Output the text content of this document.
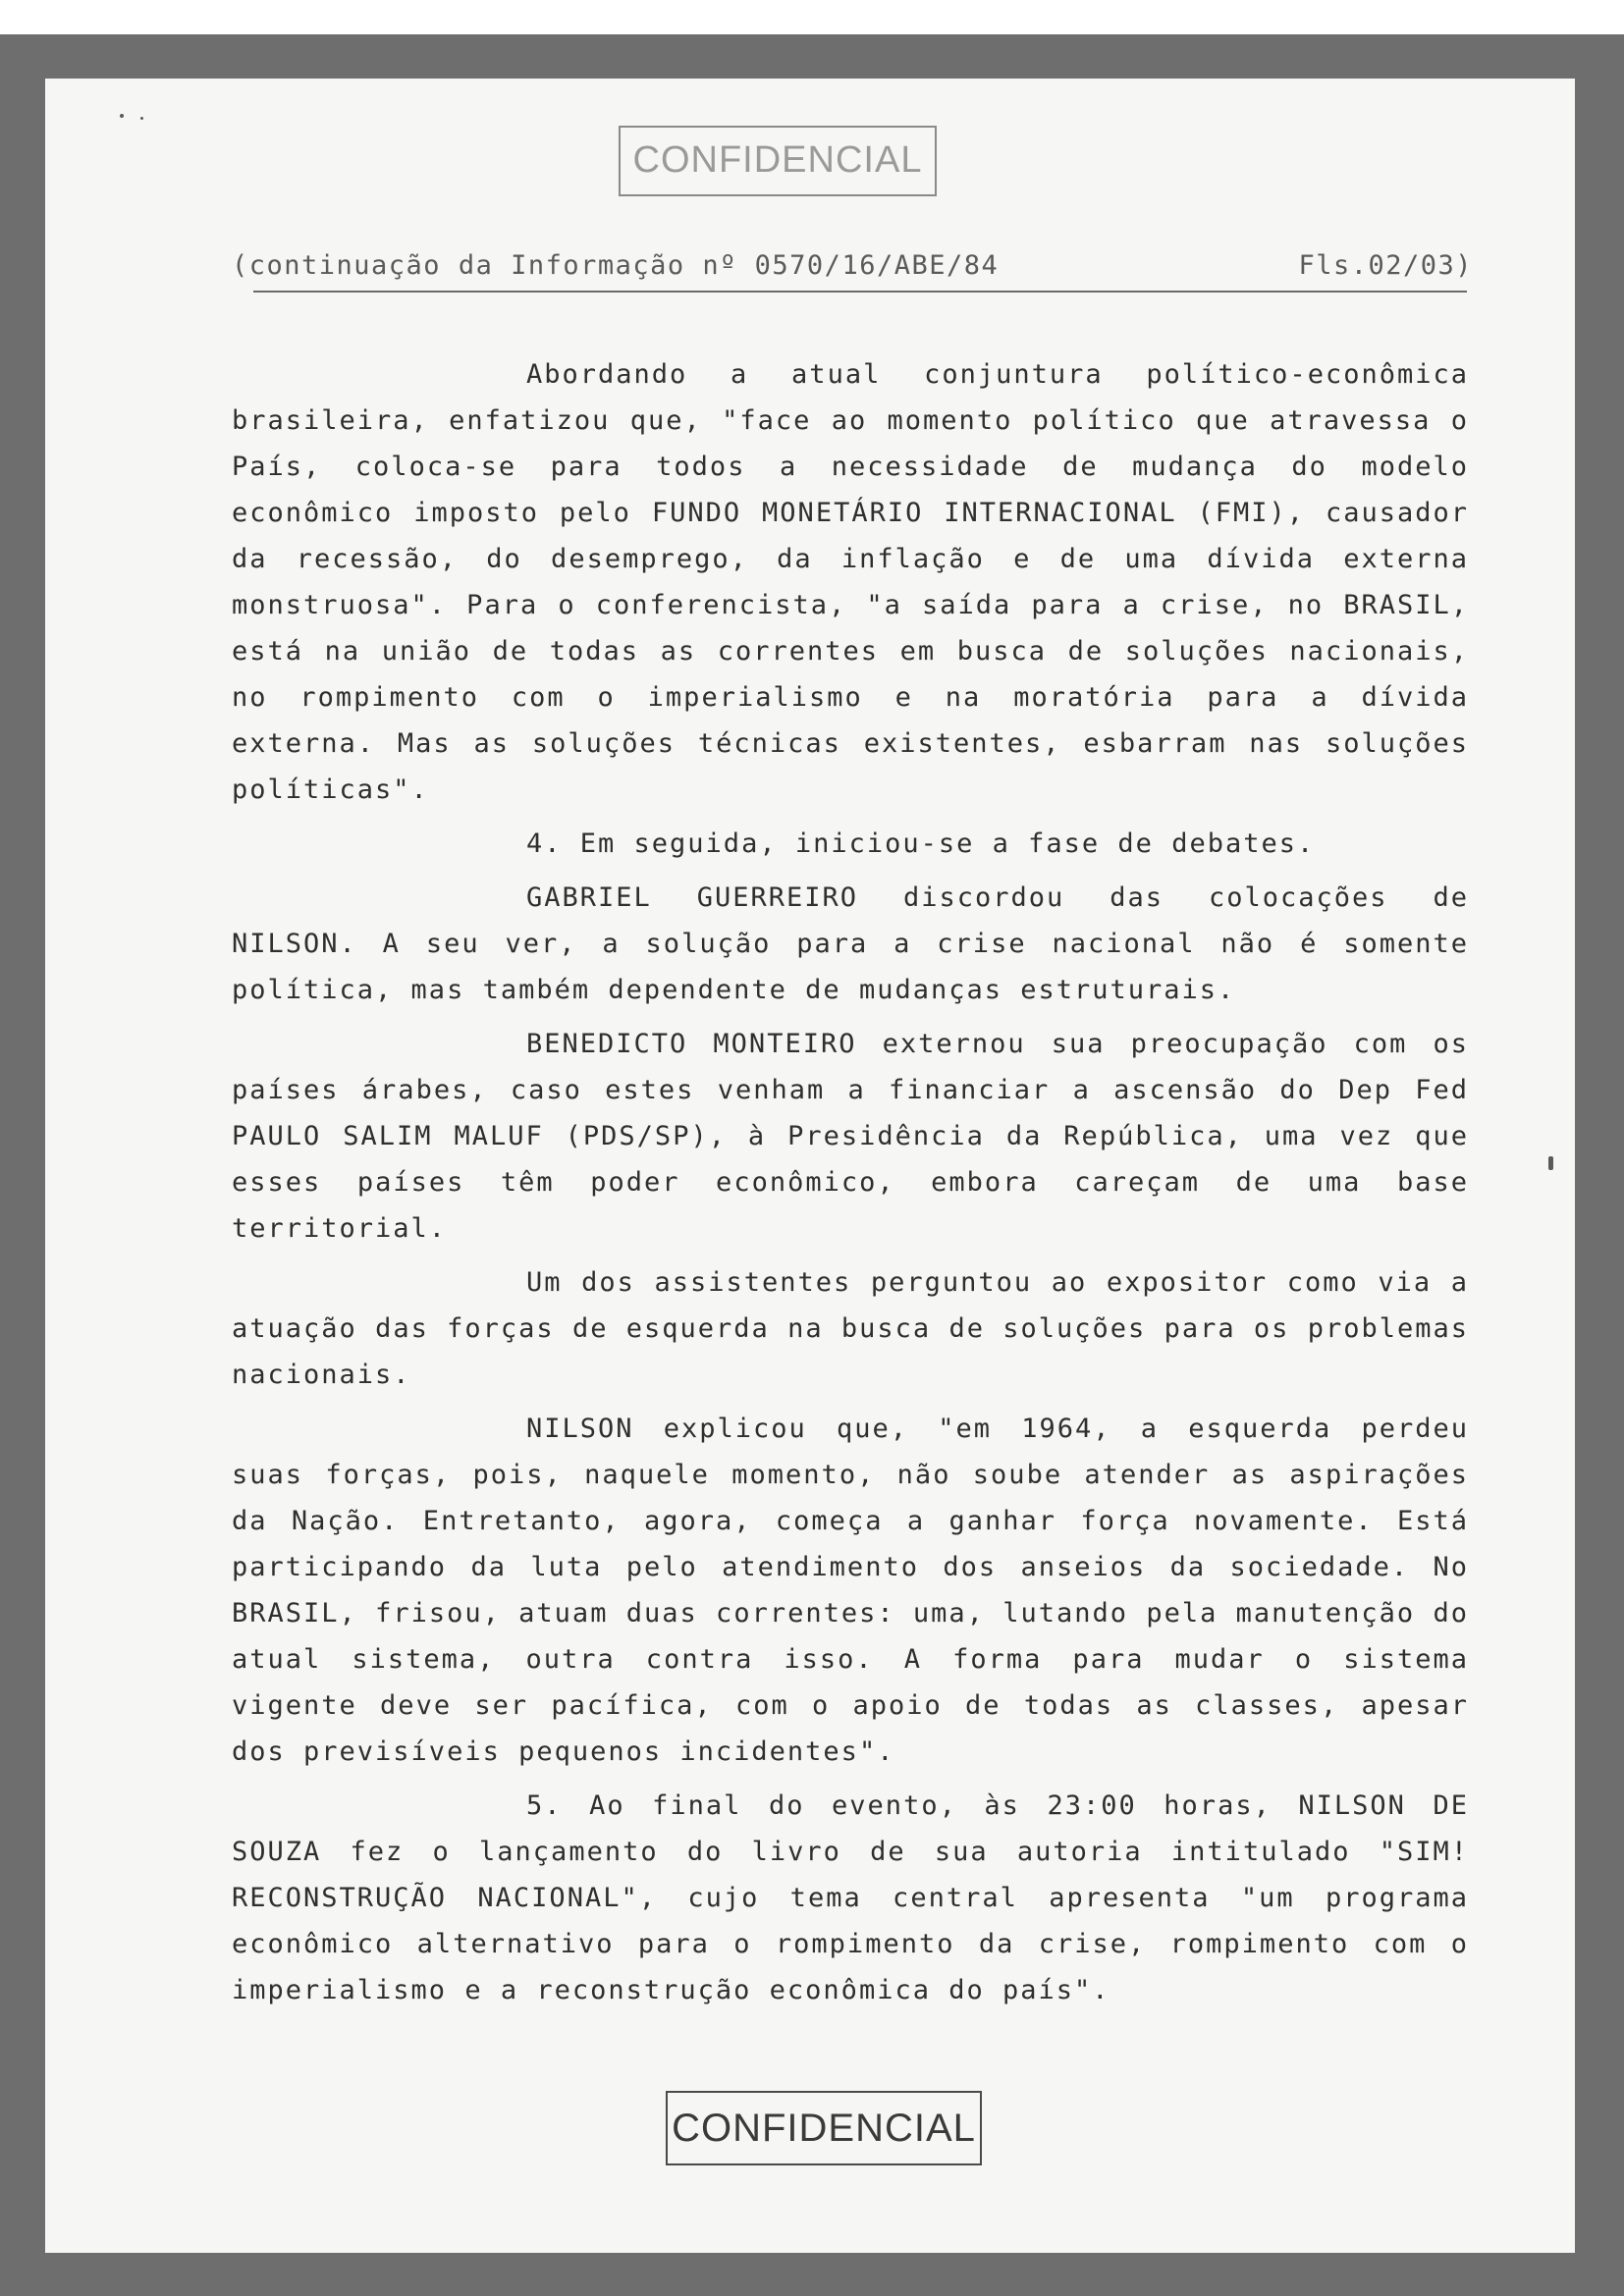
CONFIDENCIAL
(continuação da Informação nº 0570/16/ABE/84	Fls.02/03)

Abordando a atual conjuntura político-econômica brasileira, enfatizou que, "face ao momento político que atravessa o País, coloca-se para todos a necessidade de mudança do modelo econômico imposto pelo FUNDO MONETÁRIO INTERNACIONAL (FMI), causador da recessão, do desemprego, da inflação e de uma dívida externa monstruosa". Para o conferencista, "a saída para a crise, no BRASIL, está na união de todas as correntes em busca de soluções nacionais, no rompimento com o imperialismo e na moratória para a dívida externa. Mas as soluções técnicas existentes, esbarram nas soluções políticas".

4. Em seguida, iniciou-se a fase de debates.

GABRIEL GUERREIRO discordou das colocações de NILSON. A seu ver, a solução para a crise nacional não é somente política, mas também dependente de mudanças estruturais.

BENEDICTO MONTEIRO externou sua preocupação com os países árabes, caso estes venham a financiar a ascensão do Dep Fed PAULO SALIM MALUF (PDS/SP), à Presidência da República, uma vez que esses países têm poder econômico, embora careçam de uma base territorial.

Um dos assistentes perguntou ao expositor como via a atuação das forças de esquerda na busca de soluções para os problemas nacionais.

NILSON explicou que, "em 1964, a esquerda perdeu suas forças, pois, naquele momento, não soube atender as aspirações da Nação. Entretanto, agora, começa a ganhar força novamente. Está participando da luta pelo atendimento dos anseios da sociedade. No BRASIL, frisou, atuam duas correntes: uma, lutando pela manutenção do atual sistema, outra contra isso. A forma para mudar o sistema vigente deve ser pacífica, com o apoio de todas as classes, apesar dos previsíveis pequenos incidentes".

5. Ao final do evento, às 23:00 horas, NILSON DE SOUZA fez o lançamento do livro de sua autoria intitulado "SIM! RECONSTRUÇÃO NACIONAL", cujo tema central apresenta "um programa econômico alternativo para o rompimento da crise, rompimento com o imperialismo e a reconstrução econômica do país".

CONFIDENCIAL
